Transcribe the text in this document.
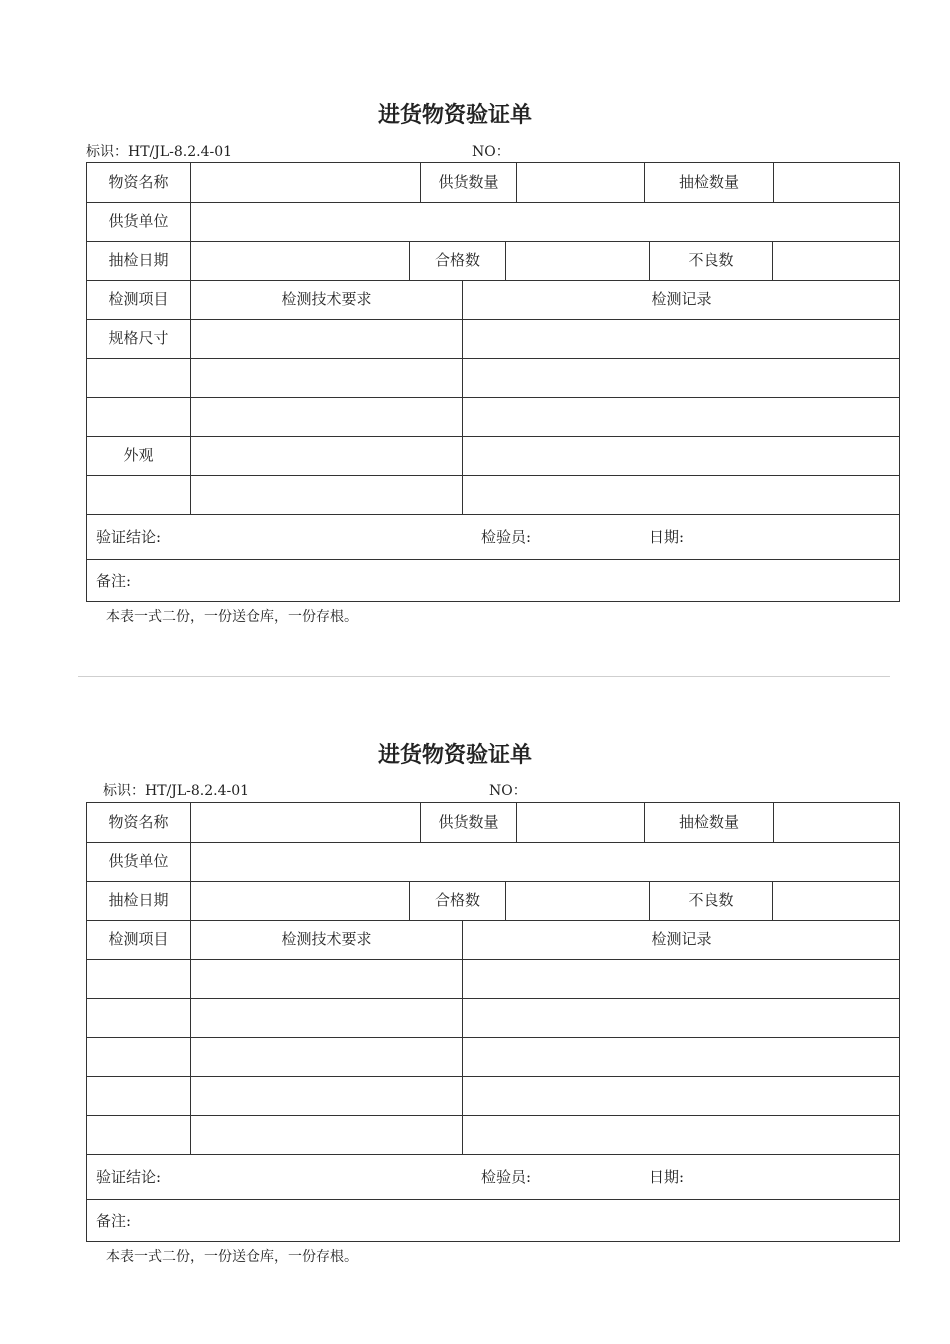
进货物资验证单
标识：HT/JL-8.2.4-01	NO：
物资名称	供货数量	抽检数量
供货单位
抽检日期	合格数	不良数
检测项目	检测技术要求	检测记录
规格尺寸
外观
验证结论:	检验员:	日期:
备注:
本表一式二份，一份送仓库，一份存根。
进货物资验证单
标识：HT/JL-8.2.4-01	NO：
物资名称	供货数量	抽检数量
供货单位
抽检日期	合格数	不良数
检测项目	检测技术要求	检测记录
验证结论:	检验员:	日期:
备注:
本表一式二份，一份送仓库，一份存根。
